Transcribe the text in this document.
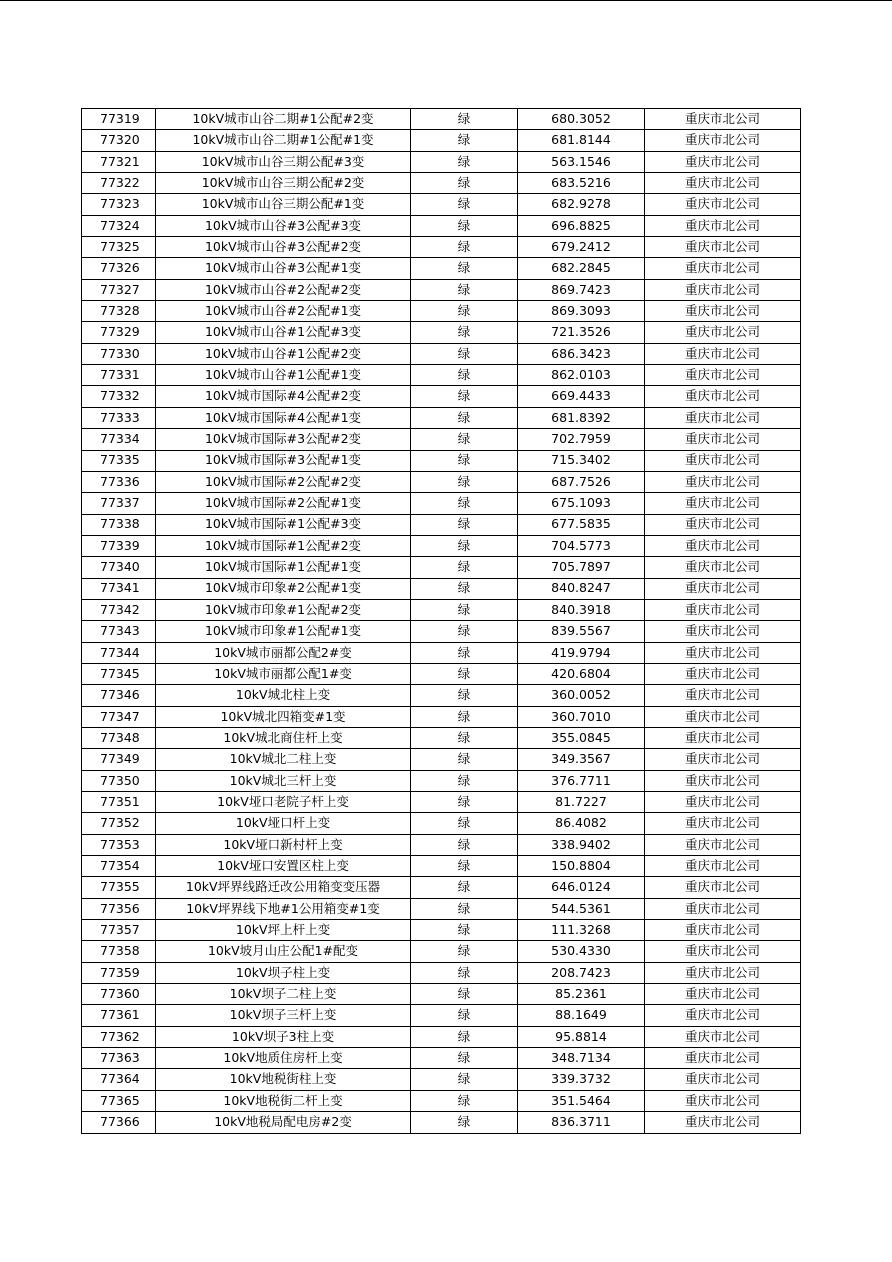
77319	10kV城市山谷二期#1公配#2变	绿	680.3052	重庆市北公司
77320	10kV城市山谷二期#1公配#1变	绿	681.8144	重庆市北公司
77321	10kV城市山谷三期公配#3变	绿	563.1546	重庆市北公司
77322	10kV城市山谷三期公配#2变	绿	683.5216	重庆市北公司
77323	10kV城市山谷三期公配#1变	绿	682.9278	重庆市北公司
77324	10kV城市山谷#3公配#3变	绿	696.8825	重庆市北公司
77325	10kV城市山谷#3公配#2变	绿	679.2412	重庆市北公司
77326	10kV城市山谷#3公配#1变	绿	682.2845	重庆市北公司
77327	10kV城市山谷#2公配#2变	绿	869.7423	重庆市北公司
77328	10kV城市山谷#2公配#1变	绿	869.3093	重庆市北公司
77329	10kV城市山谷#1公配#3变	绿	721.3526	重庆市北公司
77330	10kV城市山谷#1公配#2变	绿	686.3423	重庆市北公司
77331	10kV城市山谷#1公配#1变	绿	862.0103	重庆市北公司
77332	10kV城市国际#4公配#2变	绿	669.4433	重庆市北公司
77333	10kV城市国际#4公配#1变	绿	681.8392	重庆市北公司
77334	10kV城市国际#3公配#2变	绿	702.7959	重庆市北公司
77335	10kV城市国际#3公配#1变	绿	715.3402	重庆市北公司
77336	10kV城市国际#2公配#2变	绿	687.7526	重庆市北公司
77337	10kV城市国际#2公配#1变	绿	675.1093	重庆市北公司
77338	10kV城市国际#1公配#3变	绿	677.5835	重庆市北公司
77339	10kV城市国际#1公配#2变	绿	704.5773	重庆市北公司
77340	10kV城市国际#1公配#1变	绿	705.7897	重庆市北公司
77341	10kV城市印象#2公配#1变	绿	840.8247	重庆市北公司
77342	10kV城市印象#1公配#2变	绿	840.3918	重庆市北公司
77343	10kV城市印象#1公配#1变	绿	839.5567	重庆市北公司
77344	10kV城市丽都公配2#变	绿	419.9794	重庆市北公司
77345	10kV城市丽都公配1#变	绿	420.6804	重庆市北公司
77346	10kV城北柱上变	绿	360.0052	重庆市北公司
77347	10kV城北四箱变#1变	绿	360.7010	重庆市北公司
77348	10kV城北商住杆上变	绿	355.0845	重庆市北公司
77349	10kV城北二柱上变	绿	349.3567	重庆市北公司
77350	10kV城北三杆上变	绿	376.7711	重庆市北公司
77351	10kV垭口老院子杆上变	绿	81.7227	重庆市北公司
77352	10kV垭口杆上变	绿	86.4082	重庆市北公司
77353	10kV垭口新村杆上变	绿	338.9402	重庆市北公司
77354	10kV垭口安置区柱上变	绿	150.8804	重庆市北公司
77355	10kV坪界线路迁改公用箱变变压器	绿	646.0124	重庆市北公司
77356	10kV坪界线下地#1公用箱变#1变	绿	544.5361	重庆市北公司
77357	10kV坪上杆上变	绿	111.3268	重庆市北公司
77358	10kV坡月山庄公配1#配变	绿	530.4330	重庆市北公司
77359	10kV坝子柱上变	绿	208.7423	重庆市北公司
77360	10kV坝子二柱上变	绿	85.2361	重庆市北公司
77361	10kV坝子三杆上变	绿	88.1649	重庆市北公司
77362	10kV坝子3柱上变	绿	95.8814	重庆市北公司
77363	10kV地质住房杆上变	绿	348.7134	重庆市北公司
77364	10kV地税街柱上变	绿	339.3732	重庆市北公司
77365	10kV地税街二杆上变	绿	351.5464	重庆市北公司
77366	10kV地税局配电房#2变	绿	836.3711	重庆市北公司
